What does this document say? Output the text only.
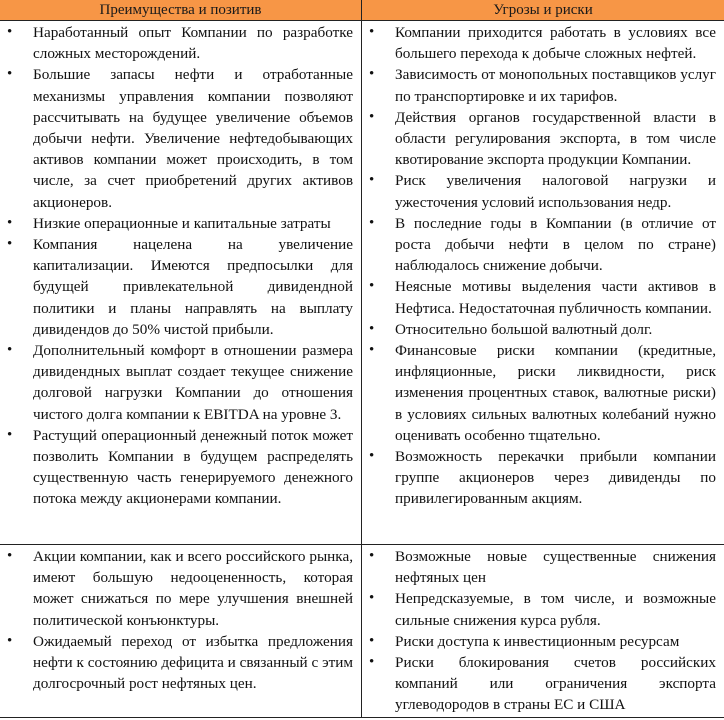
Преимущества и позитив	Угрозы и риски
• Наработанный опыт Компании по разработке сложных месторождений.
• Большие запасы нефти и отработанные механизмы управления компании позволяют рассчитывать на будущее увеличение объемов добычи нефти. Увеличение нефтедобывающих активов компании может происходить, в том числе, за счет приобретений других активов акционеров.
• Низкие операционные и капитальные затраты
• Компания нацелена на увеличение капитализации. Имеются предпосылки для будущей привлекательной дивидендной политики и планы направлять на выплату дивидендов до 50% чистой прибыли.
• Дополнительный комфорт в отношении размера дивидендных выплат создает текущее снижение долговой нагрузки Компании до отношения чистого долга компании к EBITDA на уровне 3.
• Растущий операционный денежный поток может позволить Компании в будущем распределять существенную часть генерируемого денежного потока между акционерами компании.
• Компании приходится работать в условиях все большего перехода к добыче сложных нефтей.
• Зависимость от монопольных поставщиков услуг по транспортировке и их тарифов.
• Действия органов государственной власти в области регулирования экспорта, в том числе квотирование экспорта продукции Компании.
• Риск увеличения налоговой нагрузки и ужесточения условий использования недр.
• В последние годы в Компании (в отличие от роста добычи нефти в целом по стране) наблюдалось снижение добычи.
• Неясные мотивы выделения части активов в Нефтиса. Недостаточная публичность компании.
• Относительно большой валютный долг.
• Финансовые риски компании (кредитные, инфляционные, риски ликвидности, риск изменения процентных ставок, валютные риски) в условиях сильных валютных колебаний нужно оценивать особенно тщательно.
• Возможность перекачки прибыли компании группе акционеров через дивиденды по привилегированным акциям.
• Акции компании, как и всего российского рынка, имеют большую недооцененность, которая может снижаться по мере улучшения внешней политической конъюнктуры.
• Ожидаемый переход от избытка предложения нефти к состоянию дефицита и связанный с этим долгосрочный рост нефтяных цен.
• Возможные новые существенные снижения нефтяных цен
• Непредсказуемые, в том числе, и возможные сильные снижения курса рубля.
• Риски доступа к инвестиционным ресурсам
• Риски блокирования счетов российских компаний или ограничения экспорта углеводородов в страны ЕС и США
